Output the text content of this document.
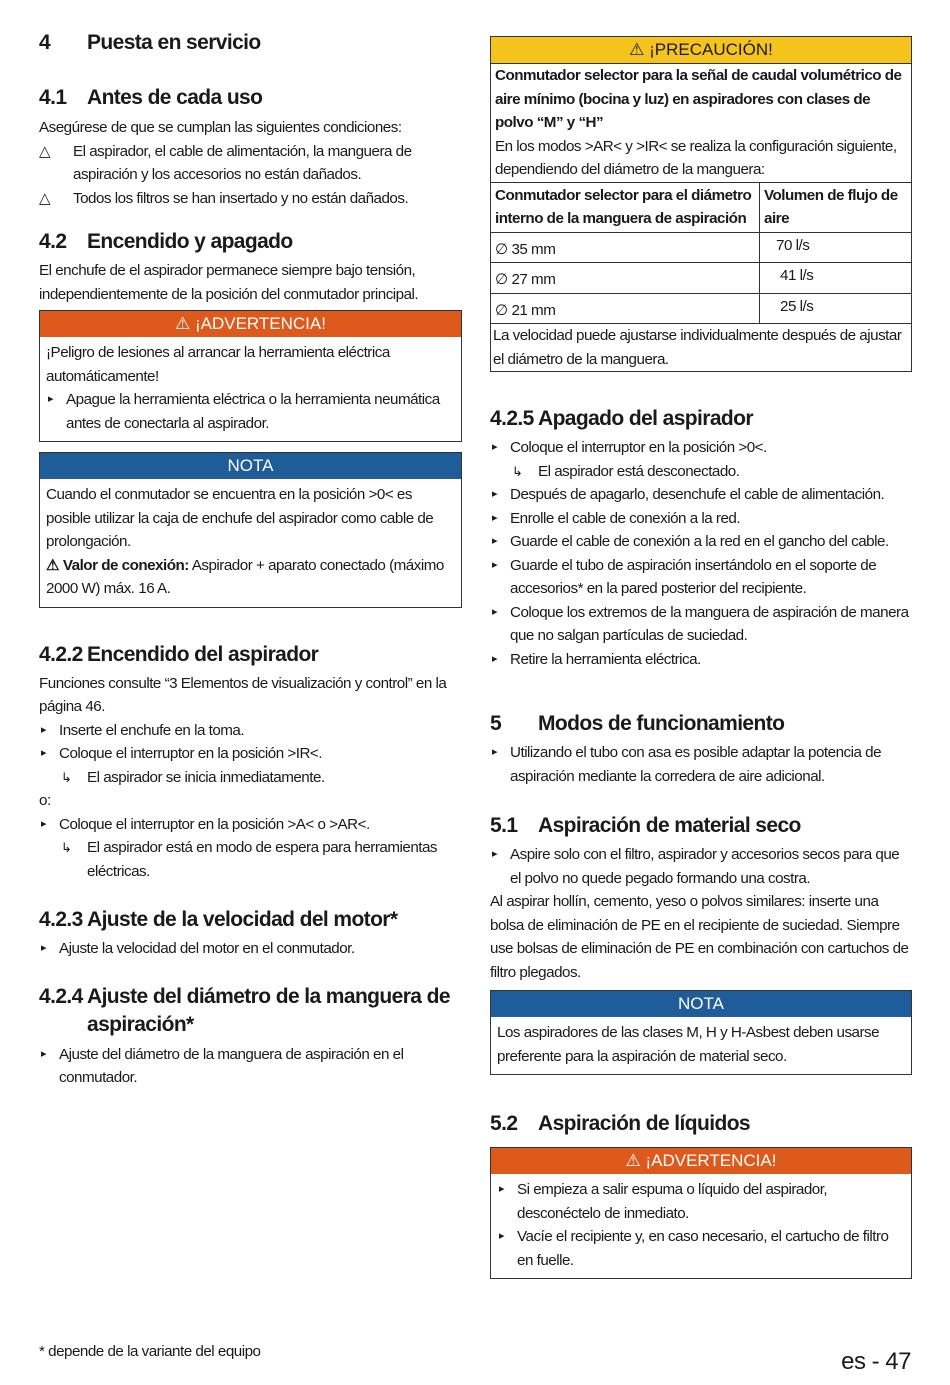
4 Puesta en servicio
4.1 Antes de cada uso

Asegúrese de que se cumplan las siguientes condiciones:

△ El aspirador, el cable de alimentación, la manguera de aspiración y los accesorios no están dañados.
△ Todos los filtros se han insertado y no están dañados.
4.2 Encendido y apagado

El enchufe de el aspirador permanece siempre bajo tensión, independientemente de la posición del conmutador principal.

⚠ ¡ADVERTENCIA!

¡Peligro de lesiones al arrancar la herramienta eléctrica automáticamente!

▸ Apague la herramienta eléctrica o la herramienta neumática antes de conectarla al aspirador.
NOTA

Cuando el conmutador se encuentra en la posición >0< es posible utilizar la caja de enchufe del aspirador como cable de prolongación.

⚠ Valor de conexión: Aspirador + aparato conectado (máximo 2000 W) máx. 16 A.

4.2.2 Encendido del aspirador

Funciones consulte “3 Elementos de visualización y control” en la página 46.

▸ Inserte el enchufe en la toma.
▸ Coloque el interruptor en la posición >IR<.
↳ El aspirador se inicia inmediatamente.

o:

▸ Coloque el interruptor en la posición >A< o >AR<.
↳ El aspirador está en modo de espera para herramientas eléctricas.
4.2.3 Ajuste de la velocidad del motor*
▸ Ajuste la velocidad del motor en el conmutador.
4.2.4 Ajuste del diámetro de la manguera de aspiración*
▸ Ajuste del diámetro de la manguera de aspiración en el conmutador.
⚠ ¡PRECAUCIÓN!

Conmutador selector para la señal de caudal volumétrico de aire mínimo (bocina y luz) en aspiradores con clases de polvo “M” y “H”

En los modos >AR< y >IR< se realiza la configuración siguiente, dependiendo del diámetro de la manguera:

Conmutador selector para el diámetro interno de la manguera de aspiración	Volumen de flujo de aire
∅ 35 mm	70 l/s
∅ 27 mm	41 l/s
∅ 21 mm	25 l/s

La velocidad puede ajustarse individualmente después de ajustar el diámetro de la manguera.

4.2.5 Apagado del aspirador
▸ Coloque el interruptor en la posición >0<.
↳ El aspirador está desconectado.
▸ Después de apagarlo, desenchufe el cable de alimentación.
▸ Enrolle el cable de conexión a la red.
▸ Guarde el cable de conexión a la red en el gancho del cable.
▸ Guarde el tubo de aspiración insertándolo en el soporte de accesorios* en la pared posterior del recipiente.
▸ Coloque los extremos de la manguera de aspiración de manera que no salgan partículas de suciedad.
▸ Retire la herramienta eléctrica.
5 Modos de funcionamiento
▸ Utilizando el tubo con asa es posible adaptar la potencia de aspiración mediante la corredera de aire adicional.
5.1 Aspiración de material seco
▸ Aspire solo con el filtro, aspirador y accesorios secos para que el polvo no quede pegado formando una costra.

Al aspirar hollín, cemento, yeso o polvos similares: inserte una bolsa de eliminación de PE en el recipiente de suciedad. Siempre use bolsas de eliminación de PE en combinación con cartuchos de filtro plegados.

NOTA

Los aspiradores de las clases M, H y H-Asbest deben usarse preferente para la aspiración de material seco.

5.2 Aspiración de líquidos
⚠ ¡ADVERTENCIA!
▸ Si empieza a salir espuma o líquido del aspirador, desconéctelo de inmediato.
▸ Vacíe el recipiente y, en caso necesario, el cartucho de filtro en fuelle.
* depende de la variante del equipo	es - 47
